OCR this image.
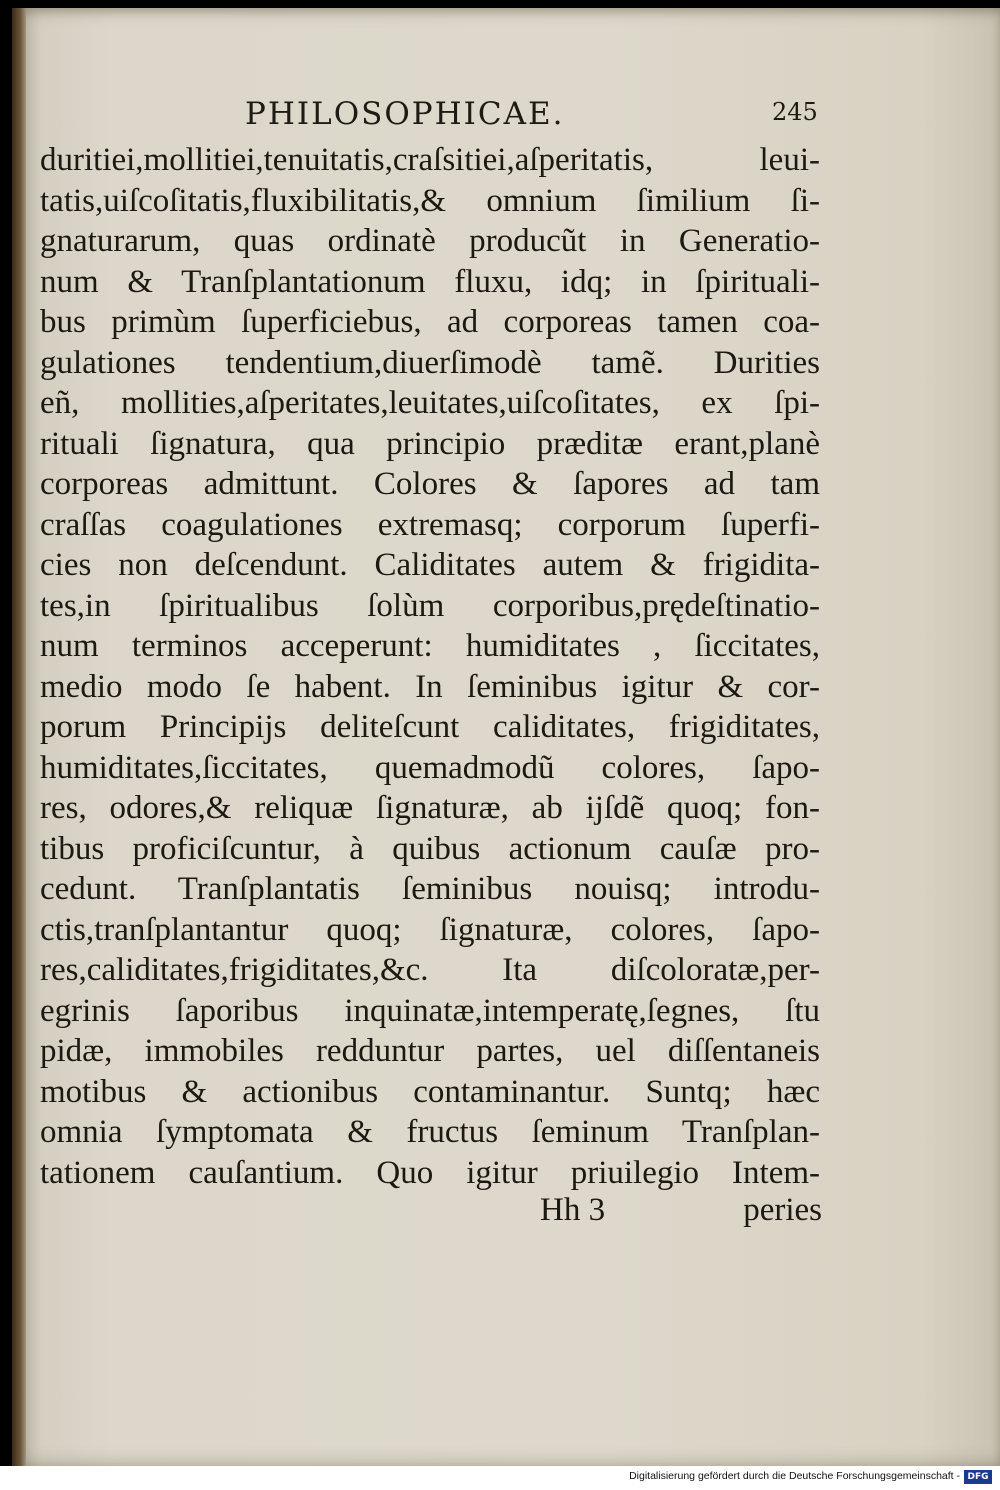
PHILOSOPHICAE.	245
duritiei,mollitiei,tenuitatis,craſsitiei,aſperitatis, leui-
tatis,uiſcoſitatis,fluxibilitatis,& omnium ſimilium ſi-
gnaturarum, quas ordinatè producũt in Generatio-
num & Tranſplantationum fluxu, idq; in ſpirituali-
bus primùm ſuperficiebus, ad corporeas tamen coa-
gulationes tendentium,diuerſimodè tamẽ. Durities
eñ, mollities,aſperitates,leuitates,uiſcoſitates, ex ſpi-
rituali ſignatura, qua principio præditæ erant,planè
corporeas admittunt. Colores & ſapores ad tam
craſſas coagulationes extremasq; corporum ſuperfi-
cies non deſcendunt. Caliditates autem & frigidita-
tes,in ſpiritualibus ſolùm corporibus,prędeſtinatio-
num terminos acceperunt: humiditates , ſiccitates,
medio modo ſe habent. In ſeminibus igitur & cor-
porum Principijs deliteſcunt caliditates, frigiditates,
humiditates,ſiccitates, quemadmodũ colores, ſapo-
res, odores,& reliquæ ſignaturæ, ab ijſdẽ quoq; fon-
tibus proficiſcuntur, à quibus actionum cauſæ pro-
cedunt. Tranſplantatis ſeminibus nouisq; introdu-
ctis,tranſplantantur quoq; ſignaturæ, colores, ſapo-
res,caliditates,frigiditates,&c. Ita diſcoloratæ,per-
egrinis ſaporibus inquinatæ,intemperatę,ſegnes, ſtu
pidæ, immobiles redduntur partes, uel diſſentaneis
motibus & actionibus contaminantur. Suntq; hæc
omnia ſymptomata & fructus ſeminum Tranſplan-
tationem cauſantium. Quo igitur priuilegio Intem-
Hh 3	peries
Digitalisierung gefördert durch die Deutsche Forschungsgemeinschaft - DFG
